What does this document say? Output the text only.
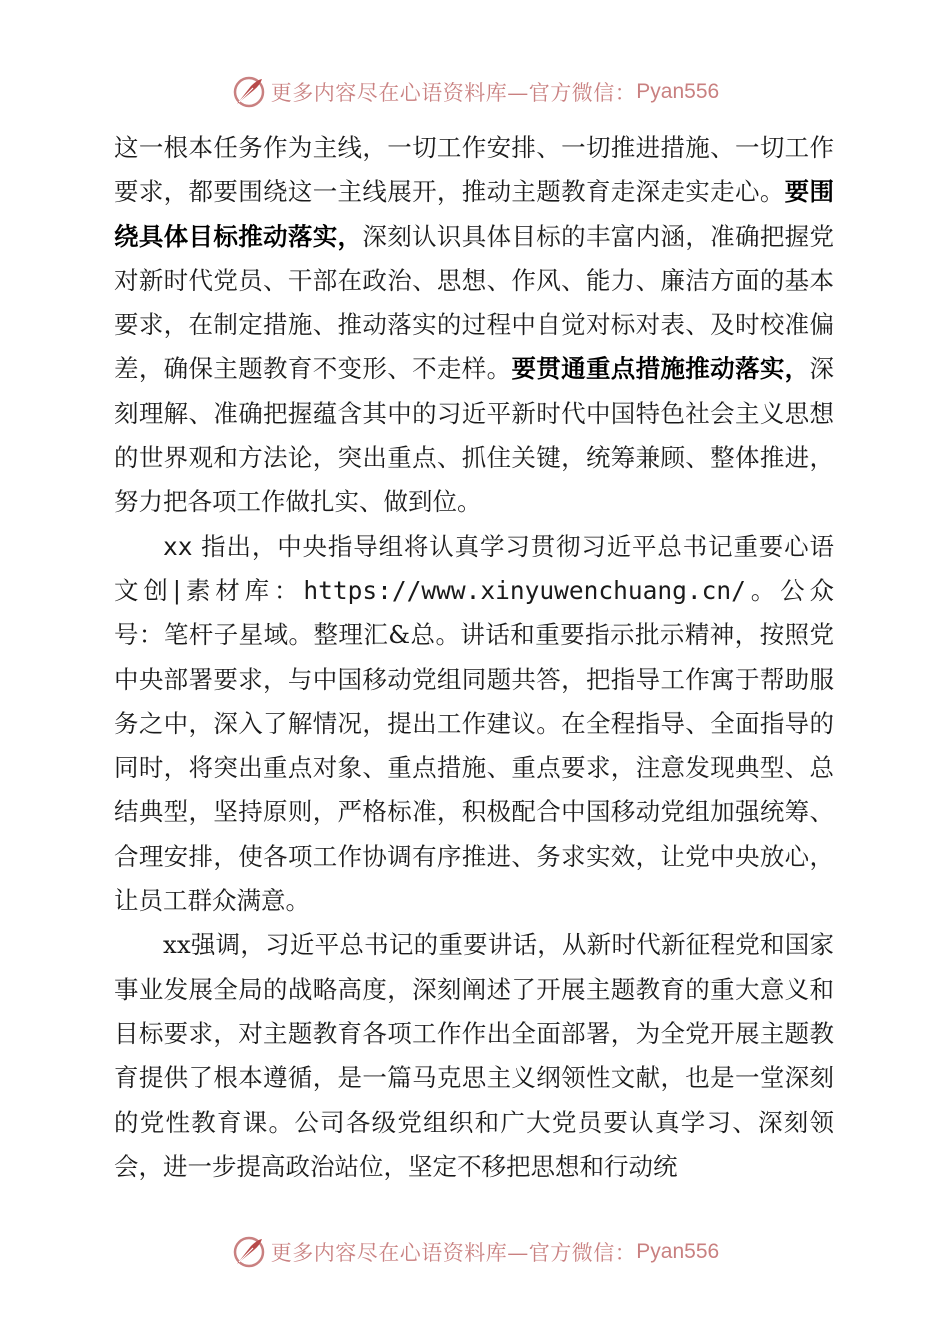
更多内容尽在心语资料库—官方微信： Pyan556

这一根本任务作为主线，一切工作安排、一切推进措施、一切工作要求，都要围绕这一主线展开，推动主题教育走深走实走心。要围绕具体目标推动落实，深刻认识具体目标的丰富内涵，准确把握党对新时代党员、干部在政治、思想、作风、能力、廉洁方面的基本要求，在制定措施、推动落实的过程中自觉对标对表、及时校准偏差，确保主题教育不变形、不走样。要贯通重点措施推动落实，深刻理解、准确把握蕴含其中的习近平新时代中国特色社会主义思想的世界观和方法论，突出重点、抓住关键，统筹兼顾、整体推进，努力把各项工作做扎实、做到位。

xx 指出，中央指导组将认真学习贯彻习近平总书记重要心语文创|素材库：https://www.xinyuwenchuang.cn/。公众号：笔杆子星域。整理汇&总。讲话和重要指示批示精神，按照党中央部署要求，与中国移动党组同题共答，把指导工作寓于帮助服务之中，深入了解情况，提出工作建议。在全程指导、全面指导的同时，将突出重点对象、重点措施、重点要求，注意发现典型、总结典型，坚持原则，严格标准，积极配合中国移动党组加强统筹、合理安排，使各项工作协调有序推进、务求实效，让党中央放心，让员工群众满意。

xx强调，习近平总书记的重要讲话，从新时代新征程党和国家事业发展全局的战略高度，深刻阐述了开展主题教育的重大意义和目标要求，对主题教育各项工作作出全面部署，为全党开展主题教育提供了根本遵循，是一篇马克思主义纲领性文献，也是一堂深刻的党性教育课。公司各级党组织和广大党员要认真学习、深刻领会，进一步提高政治站位，坚定不移把思想和行动统

更多内容尽在心语资料库—官方微信： Pyan556
